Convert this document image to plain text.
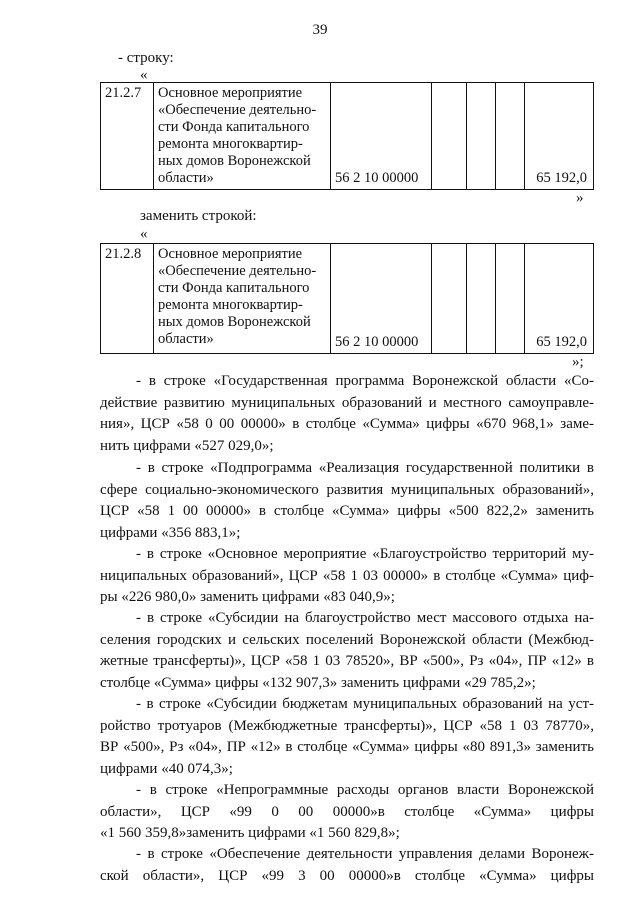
39
- строку:
«
21.2.7	Основное мероприятие
«Обеспечение деятельно-
сти Фонда капитального
ремонта многоквартир-
ных домов Воронежской
области»	56 2 10 00000				65 192,0
»
заменить строкой:
«
21.2.8	Основное мероприятие
«Обеспечение деятельно-
сти Фонда капитального
ремонта многоквартир-
ных домов Воронежской
области»	56 2 10 00000				65 192,0
»;
- в строке «Государственная программа Воронежской области «Со-
действие развитию муниципальных образований и местного самоуправле-
ния», ЦСР «58 0 00 00000» в столбце «Сумма» цифры «670 968,1» заме-
нить цифрами «527 029,0»;
- в строке «Подпрограмма «Реализация государственной политики в
сфере социально-экономического развития муниципальных образований»,
ЦСР «58 1 00 00000» в столбце «Сумма» цифры «500 822,2» заменить
цифрами «356 883,1»;
- в строке «Основное мероприятие «Благоустройство территорий му-
ниципальных образований», ЦСР «58 1 03 00000» в столбце «Сумма» циф-
ры «226 980,0» заменить цифрами «83 040,9»;
- в строке «Субсидии на благоустройство мест массового отдыха на-
селения городских и сельских поселений Воронежской области (Межбюд-
жетные трансферты)», ЦСР «58 1 03 78520», ВР «500», Рз «04», ПР «12» в
столбце «Сумма» цифры «132 907,3» заменить цифрами «29 785,2»;
- в строке «Субсидии бюджетам муниципальных образований на уст-
ройство тротуаров (Межбюджетные трансферты)», ЦСР «58 1 03 78770»,
ВР «500», Рз «04», ПР «12» в столбце «Сумма» цифры «80 891,3» заменить
цифрами «40 074,3»;
- в строке «Непрограммные расходы органов власти Воронежской
области», ЦСР «99 0 00 00000»в столбце «Сумма» цифры
«1 560 359,8»заменить цифрами «1 560 829,8»;
- в строке «Обеспечение деятельности управления делами Воронеж-
ской области», ЦСР «99 3 00 00000»в столбце «Сумма» цифры
